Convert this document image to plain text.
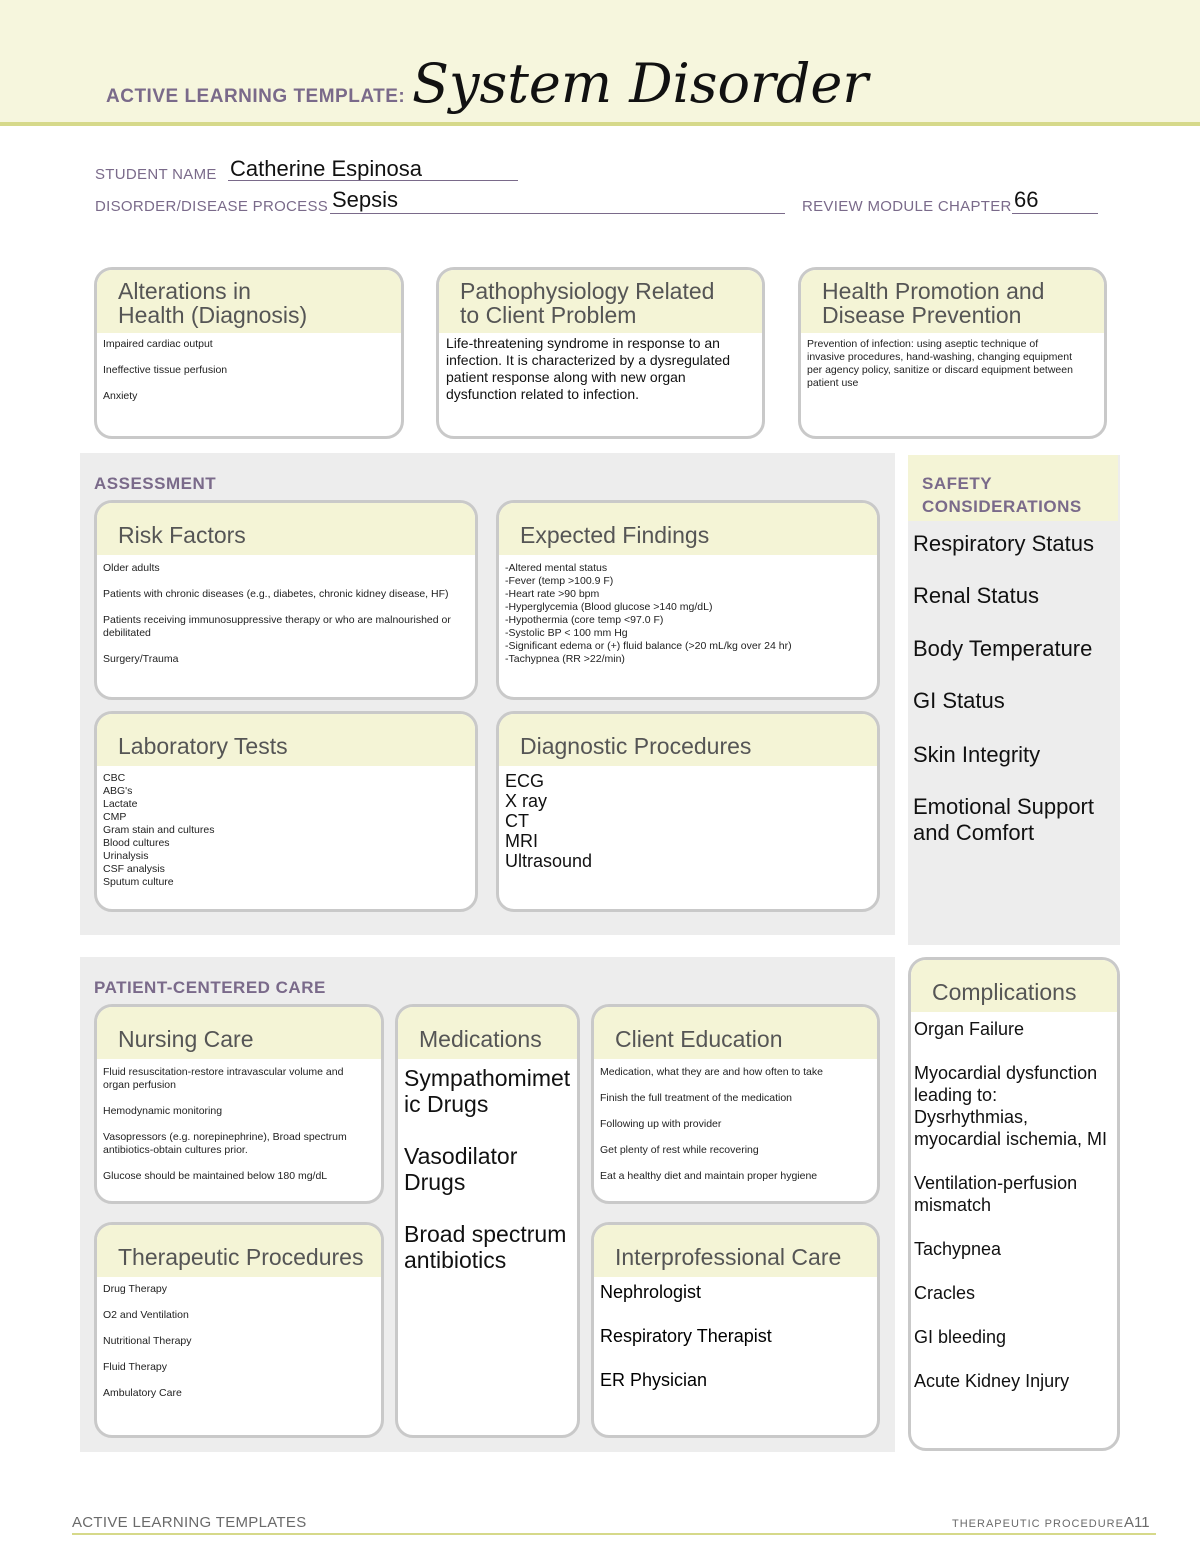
ACTIVE LEARNING TEMPLATE: System Disorder
STUDENT NAME Catherine Espinosa
DISORDER/DISEASE PROCESS Sepsis	REVIEW MODULE CHAPTER 66
Alterations in
Health (Diagnosis)

Impaired cardiac output

Ineffective tissue perfusion

Anxiety

Pathophysiology Related
to Client Problem
Life-threatening syndrome in response to an infection. It is characterized by a dysregulated patient response along with new organ dysfunction related to infection.
Health Promotion and
Disease Prevention
Prevention of infection: using aseptic technique of invasive procedures, hand-washing, changing equipment per agency policy, sanitize or discard equipment between patient use
ASSESSMENT
Risk Factors

Older adults

Patients with chronic diseases (e.g., diabetes, chronic kidney disease, HF)

Patients receiving immunosuppressive therapy or who are malnourished or debilitated

Surgery/Trauma

Expected Findings
-Altered mental status
-Fever (temp >100.9 F)
-Heart rate >90 bpm
-Hyperglycemia (Blood glucose >140 mg/dL)
-Hypothermia (core temp <97.0 F)
-Systolic BP < 100 mm Hg
-Significant edema or (+) fluid balance (>20 mL/kg over 24 hr)
-Tachypnea (RR >22/min)
Laboratory Tests
CBC
ABG's
Lactate
CMP
Gram stain and cultures
Blood cultures
Urinalysis
CSF analysis
Sputum culture
Diagnostic Procedures
ECG
X ray
CT
MRI
Ultrasound
SAFETY
CONSIDERATIONS
Respiratory Status
Renal Status
Body Temperature
GI Status
Skin Integrity
Emotional Support
and Comfort
PATIENT-CENTERED CARE
Nursing Care

Fluid resuscitation-restore intravascular volume and organ perfusion

Hemodynamic monitoring

Vasopressors (e.g. norepinephrine), Broad spectrum antibiotics-obtain cultures prior.

Glucose should be maintained below 180 mg/dL

Medications

Sympathomimetic Drugs

Vasodilator Drugs

Broad spectrum antibiotics

Client Education

Medication, what they are and how often to take

Finish the full treatment of the medication

Following up with provider

Get plenty of rest while recovering

Eat a healthy diet and maintain proper hygiene

Therapeutic Procedures

Drug Therapy

O2 and Ventilation

Nutritional Therapy

Fluid Therapy

Ambulatory Care

Interprofessional Care

Nephrologist

Respiratory Therapist

ER Physician

Complications

Organ Failure

Myocardial dysfunction leading to: Dysrhythmias, myocardial ischemia, MI

Ventilation-perfusion mismatch

Tachypnea

Cracles

GI bleeding

Acute Kidney Injury

ACTIVE LEARNING TEMPLATES	THERAPEUTIC PROCEDURE A11
